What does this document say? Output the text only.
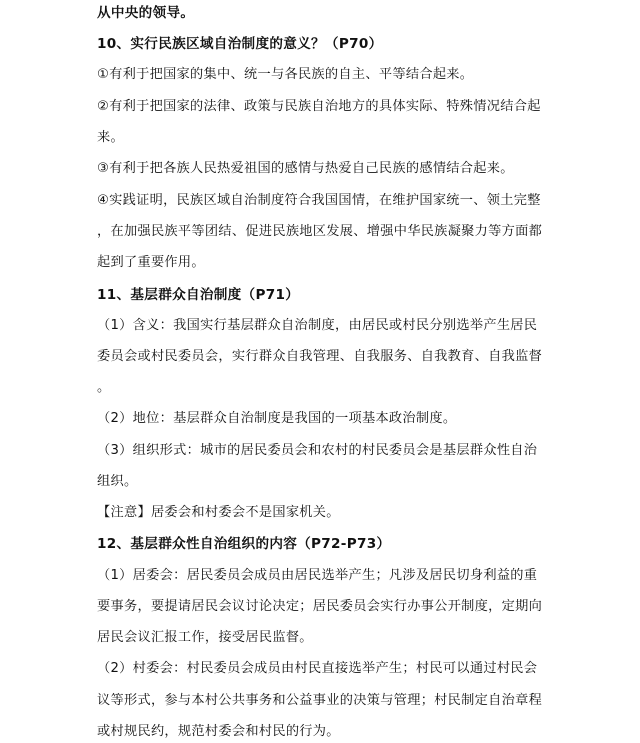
从中央的领导。
10、实行民族区域自治制度的意义？（P70）
①有利于把国家的集中、统一与各民族的自主、平等结合起来。
②有利于把国家的法律、政策与民族自治地方的具体实际、特殊情况结合起
来。
③有利于把各族人民热爱祖国的感情与热爱自己民族的感情结合起来。
④实践证明，民族区域自治制度符合我国国情，在维护国家统一、领土完整
，在加强民族平等团结、促进民族地区发展、增强中华民族凝聚力等方面都
起到了重要作用。
11、基层群众自治制度（P71）
（1）含义：我国实行基层群众自治制度，由居民或村民分别选举产生居民
委员会或村民委员会，实行群众自我管理、自我服务、自我教育、自我监督
。
（2）地位：基层群众自治制度是我国的一项基本政治制度。
（3）组织形式：城市的居民委员会和农村的村民委员会是基层群众性自治
组织。
【注意】居委会和村委会不是国家机关。
12、基层群众性自治组织的内容（P72-P73）
（1）居委会：居民委员会成员由居民选举产生；凡涉及居民切身利益的重
要事务，要提请居民会议讨论决定；居民委员会实行办事公开制度，定期向
居民会议汇报工作，接受居民监督。
（2）村委会：村民委员会成员由村民直接选举产生；村民可以通过村民会
议等形式，参与本村公共事务和公益事业的决策与管理；村民制定自治章程
或村规民约，规范村委会和村民的行为。
